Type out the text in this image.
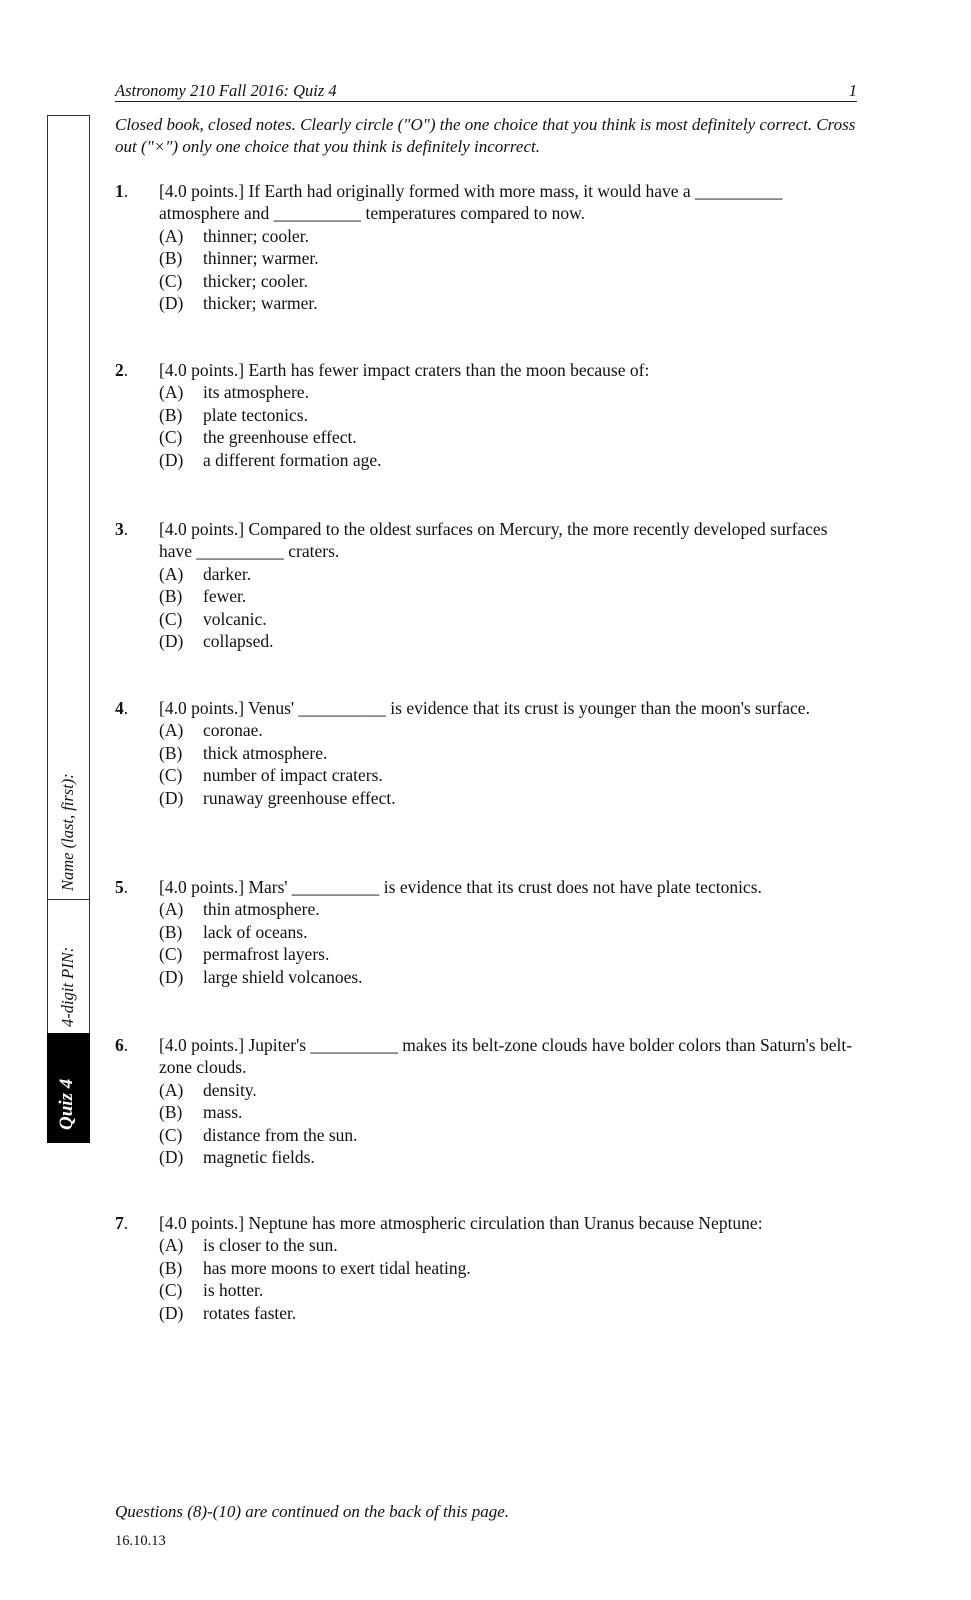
Astronomy 210 Fall 2016: Quiz 4	1
Closed book, closed notes. Clearly circle ("O") the one choice that you think is most definitely correct. Cross out ("×") only one choice that you think is definitely incorrect.
Name (last, first):
4-digit PIN:
Quiz 4
1. [4.0 points.] If Earth had originally formed with more mass, it would have a __________ atmosphere and __________ temperatures compared to now.
(A)	thinner; cooler.
(B)	thinner; warmer.
(C)	thicker; cooler.
(D)	thicker; warmer.
2. [4.0 points.] Earth has fewer impact craters than the moon because of:
(A)	its atmosphere.
(B)	plate tectonics.
(C)	the greenhouse effect.
(D)	a different formation age.
3. [4.0 points.] Compared to the oldest surfaces on Mercury, the more recently developed surfaces have __________ craters.
(A)	darker.
(B)	fewer.
(C)	volcanic.
(D)	collapsed.
4. [4.0 points.] Venus' __________ is evidence that its crust is younger than the moon's surface.
(A)	coronae.
(B)	thick atmosphere.
(C)	number of impact craters.
(D)	runaway greenhouse effect.
5. [4.0 points.] Mars' __________ is evidence that its crust does not have plate tectonics.
(A)	thin atmosphere.
(B)	lack of oceans.
(C)	permafrost layers.
(D)	large shield volcanoes.
6. [4.0 points.] Jupiter's __________ makes its belt-zone clouds have bolder colors than Saturn's belt-zone clouds.
(A)	density.
(B)	mass.
(C)	distance from the sun.
(D)	magnetic fields.
7. [4.0 points.] Neptune has more atmospheric circulation than Uranus because Neptune:
(A)	is closer to the sun.
(B)	has more moons to exert tidal heating.
(C)	is hotter.
(D)	rotates faster.
Questions (8)-(10) are continued on the back of this page.
16.10.13
